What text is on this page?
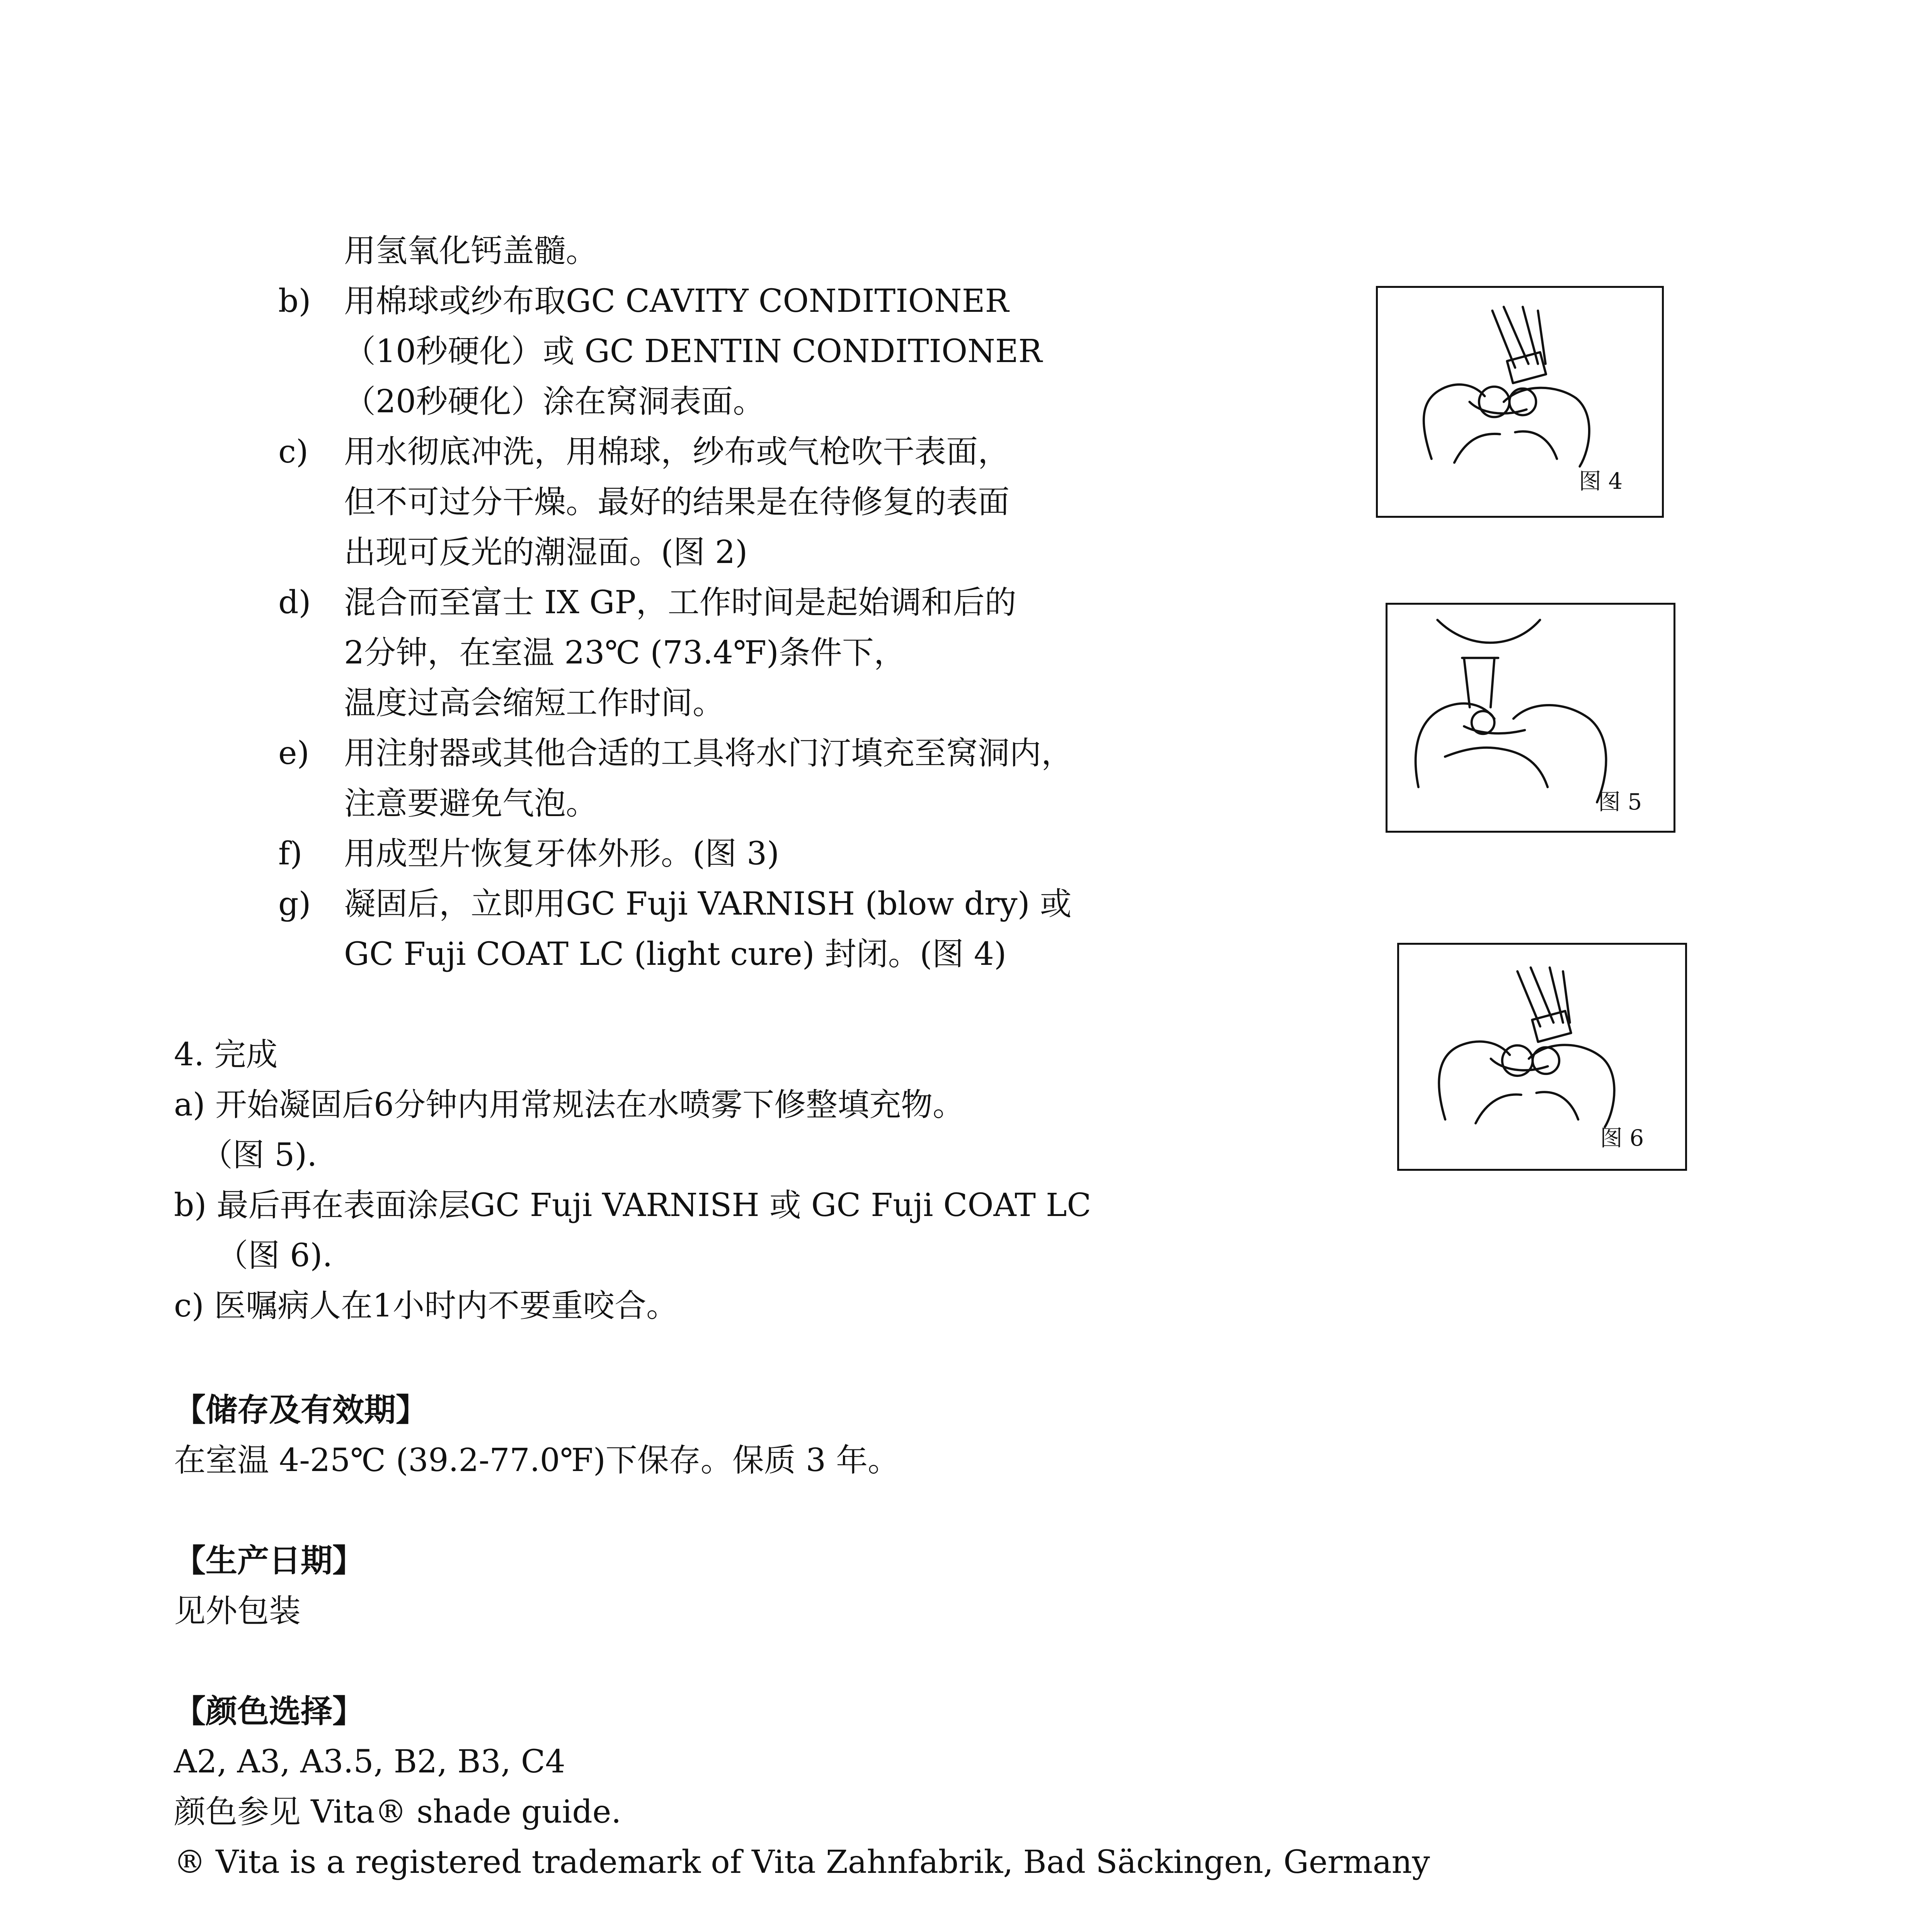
用氢氧化钙盖髓。
b) 用棉球或纱布取GC CAVITY CONDITIONER
（10秒硬化）或 GC DENTIN CONDITIONER
（20秒硬化）涂在窝洞表面。
c) 用水彻底冲洗，用棉球，纱布或气枪吹干表面，
但不可过分干燥。最好的结果是在待修复的表面
出现可反光的潮湿面。(图 2)
d) 混合而至富士 IX GP，工作时间是起始调和后的
2分钟，在室温 23℃ (73.4℉)条件下，
温度过高会缩短工作时间。
e) 用注射器或其他合适的工具将水门汀填充至窝洞内，
注意要避免气泡。
f) 用成型片恢复牙体外形。(图 3)
g) 凝固后，立即用GC Fuji VARNISH (blow dry) 或
GC Fuji COAT LC (light cure) 封闭。(图 4)
4. 完成
a) 开始凝固后6分钟内用常规法在水喷雾下修整填充物。
（图 5).
b) 最后再在表面涂层GC Fuji VARNISH 或 GC Fuji COAT LC
（图 6).
c) 医嘱病人在1小时内不要重咬合。
【储存及有效期】
在室温 4-25℃ (39.2-77.0℉)下保存。保质 3 年。
【生产日期】
见外包装
【颜色选择】
A2, A3, A3.5, B2, B3, C4
颜色参见 Vita® shade guide.
® Vita is a registered trademark of Vita Zahnfabrik, Bad Säckingen, Germany
图 4
图 5
图 6
